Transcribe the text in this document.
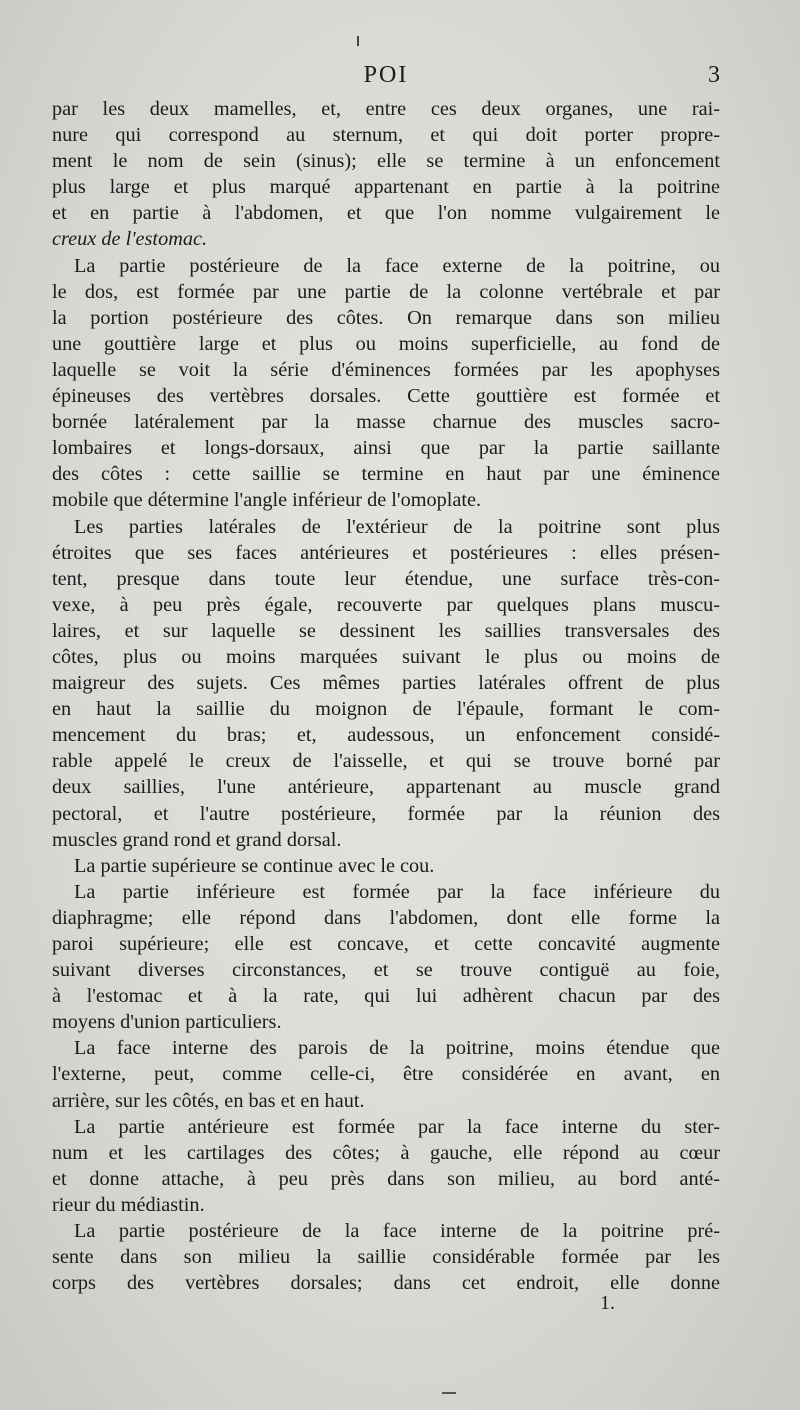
POI	3
par les deux mamelles, et, entre ces deux organes, une rai-
nure qui correspond au sternum, et qui doit porter propre-
ment le nom de sein (sinus); elle se termine à un enfoncement
plus large et plus marqué appartenant en partie à la poitrine
et en partie à l'abdomen, et que l'on nomme vulgairement le
creux de l'estomac.
La partie postérieure de la face externe de la poitrine, ou
le dos, est formée par une partie de la colonne vertébrale et par
la portion postérieure des côtes. On remarque dans son milieu
une gouttière large et plus ou moins superficielle, au fond de
laquelle se voit la série d'éminences formées par les apophyses
épineuses des vertèbres dorsales. Cette gouttière est formée et
bornée latéralement par la masse charnue des muscles sacro-
lombaires et longs-dorsaux, ainsi que par la partie saillante
des côtes : cette saillie se termine en haut par une éminence
mobile que détermine l'angle inférieur de l'omoplate.
Les parties latérales de l'extérieur de la poitrine sont plus
étroites que ses faces antérieures et postérieures : elles présen-
tent, presque dans toute leur étendue, une surface très-con-
vexe, à peu près égale, recouverte par quelques plans muscu-
laires, et sur laquelle se dessinent les saillies transversales des
côtes, plus ou moins marquées suivant le plus ou moins de
maigreur des sujets. Ces mêmes parties latérales offrent de plus
en haut la saillie du moignon de l'épaule, formant le com-
mencement du bras; et, audessous, un enfoncement considé-
rable appelé le creux de l'aisselle, et qui se trouve borné par
deux saillies, l'une antérieure, appartenant au muscle grand
pectoral, et l'autre postérieure, formée par la réunion des
muscles grand rond et grand dorsal.
La partie supérieure se continue avec le cou.
La partie inférieure est formée par la face inférieure du
diaphragme; elle répond dans l'abdomen, dont elle forme la
paroi supérieure; elle est concave, et cette concavité augmente
suivant diverses circonstances, et se trouve contiguë au foie,
à l'estomac et à la rate, qui lui adhèrent chacun par des
moyens d'union particuliers.
La face interne des parois de la poitrine, moins étendue que
l'externe, peut, comme celle-ci, être considérée en avant, en
arrière, sur les côtés, en bas et en haut.
La partie antérieure est formée par la face interne du ster-
num et les cartilages des côtes; à gauche, elle répond au cœur
et donne attache, à peu près dans son milieu, au bord anté-
rieur du médiastin.
La partie postérieure de la face interne de la poitrine pré-
sente dans son milieu la saillie considérable formée par les
corps des vertèbres dorsales; dans cet endroit, elle donne
1.
